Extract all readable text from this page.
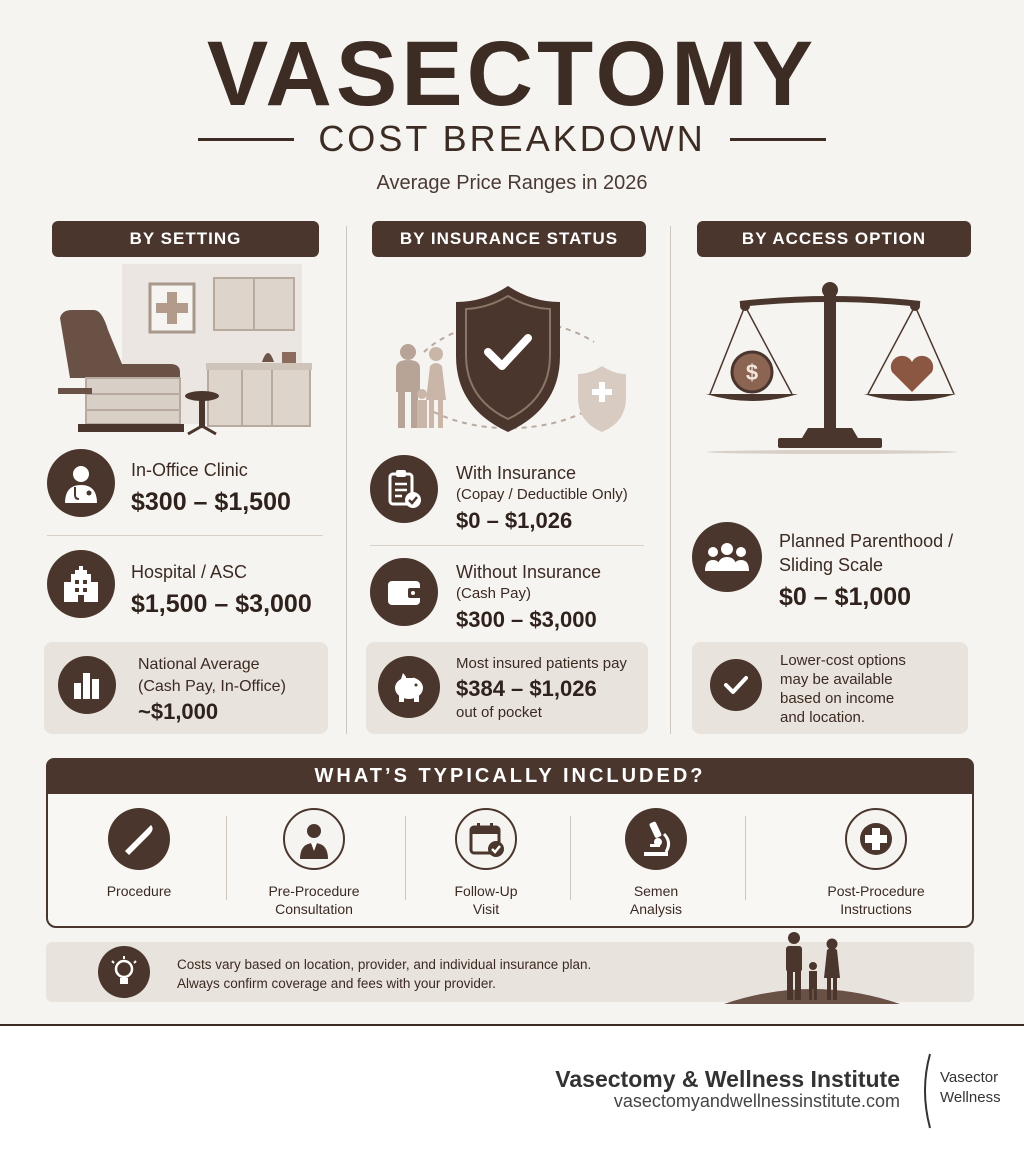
VASECTOMY
COST BREAKDOWN
Average Price Ranges in 2026
BY SETTING	BY INSURANCE STATUS	BY ACCESS OPTION
In-Office Clinic
$300 – $1,500
Hospital / ASC
$1,500 – $3,000
National Average
(Cash Pay, In-Office)
~$1,000
With Insurance
(Copay / Deductible Only)
$0 – $1,026
Without Insurance
(Cash Pay)
$300 – $3,000
Most insured patients pay
$384 – $1,026
out of pocket
$
Planned Parenthood /
Sliding Scale
$0 – $1,000
Lower-cost options
may be available
based on income
and location.
WHAT’S TYPICALLY INCLUDED?
Procedure	Pre-Procedure
Consultation
Follow-Up
Visit
Semen
Analysis
Post-Procedure
Instructions
Costs vary based on location, provider, and individual insurance plan.
Always confirm coverage and fees with your provider.
Vasectomy & Wellness Institute
vasectomyandwellnessinstitute.com
Vasector
Wellness
